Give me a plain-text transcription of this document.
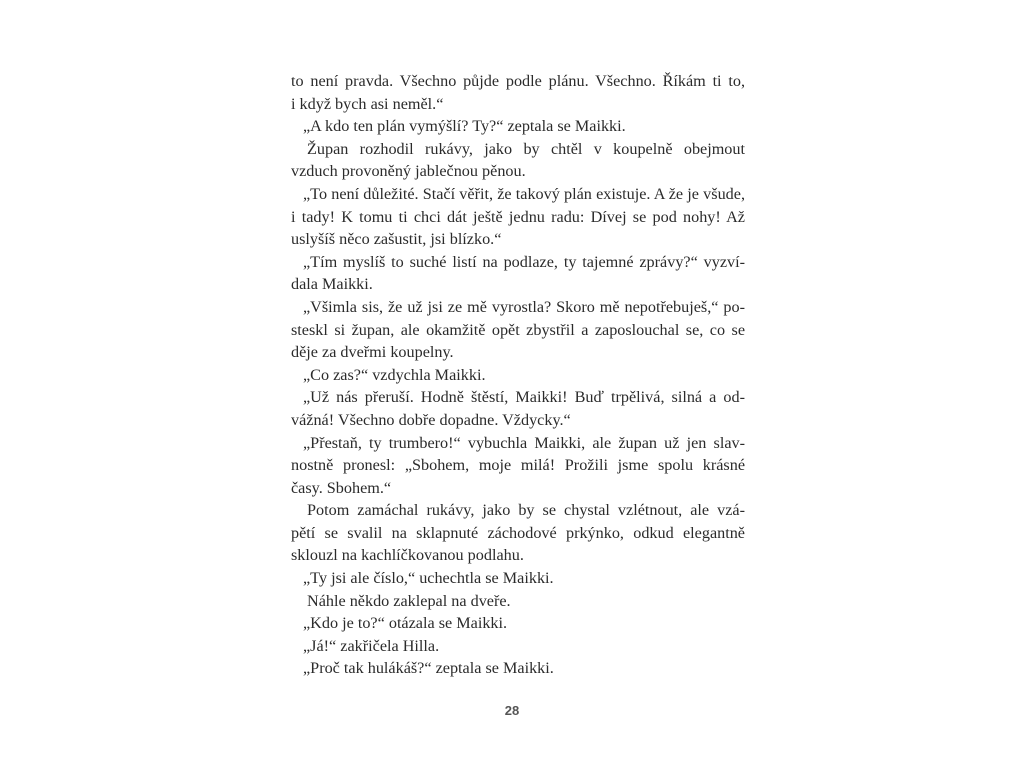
to není pravda. Všechno půjde podle plánu. Všechno. Říkám ti to,
i když bych asi neměl.“
„A kdo ten plán vymýšlí? Ty?“ zeptala se Maikki.
Župan rozhodil rukávy, jako by chtěl v koupelně obejmout
vzduch provoněný jablečnou pěnou.
„To není důležité. Stačí věřit, že takový plán existuje. A že je všude,
i tady! K tomu ti chci dát ještě jednu radu: Dívej se pod nohy! Až
uslyšíš něco zašustit, jsi blízko.“
„Tím myslíš to suché listí na podlaze, ty tajemné zprávy?“ vyzví-
dala Maikki.
„Všimla sis, že už jsi ze mě vyrostla? Skoro mě nepotřebuješ,“ po-
steskl si župan, ale okamžitě opět zbystřil a zaposlouchal se, co se
děje za dveřmi koupelny.
„Co zas?“ vzdychla Maikki.
„Už nás přeruší. Hodně štěstí, Maikki! Buď trpělivá, silná a od-
vážná! Všechno dobře dopadne. Vždycky.“
„Přestaň, ty trumbero!“ vybuchla Maikki, ale župan už jen slav-
nostně pronesl: „Sbohem, moje milá! Prožili jsme spolu krásné
časy. Sbohem.“
Potom zamáchal rukávy, jako by se chystal vzlétnout, ale vzá-
pětí se svalil na sklapnuté záchodové prkýnko, odkud elegantně
sklouzl na kachlíčkovanou podlahu.
„Ty jsi ale číslo,“ uchechtla se Maikki.
Náhle někdo zaklepal na dveře.
„Kdo je to?“ otázala se Maikki.
„Já!“ zakřičela Hilla.
„Proč tak hulákáš?“ zeptala se Maikki.
28
